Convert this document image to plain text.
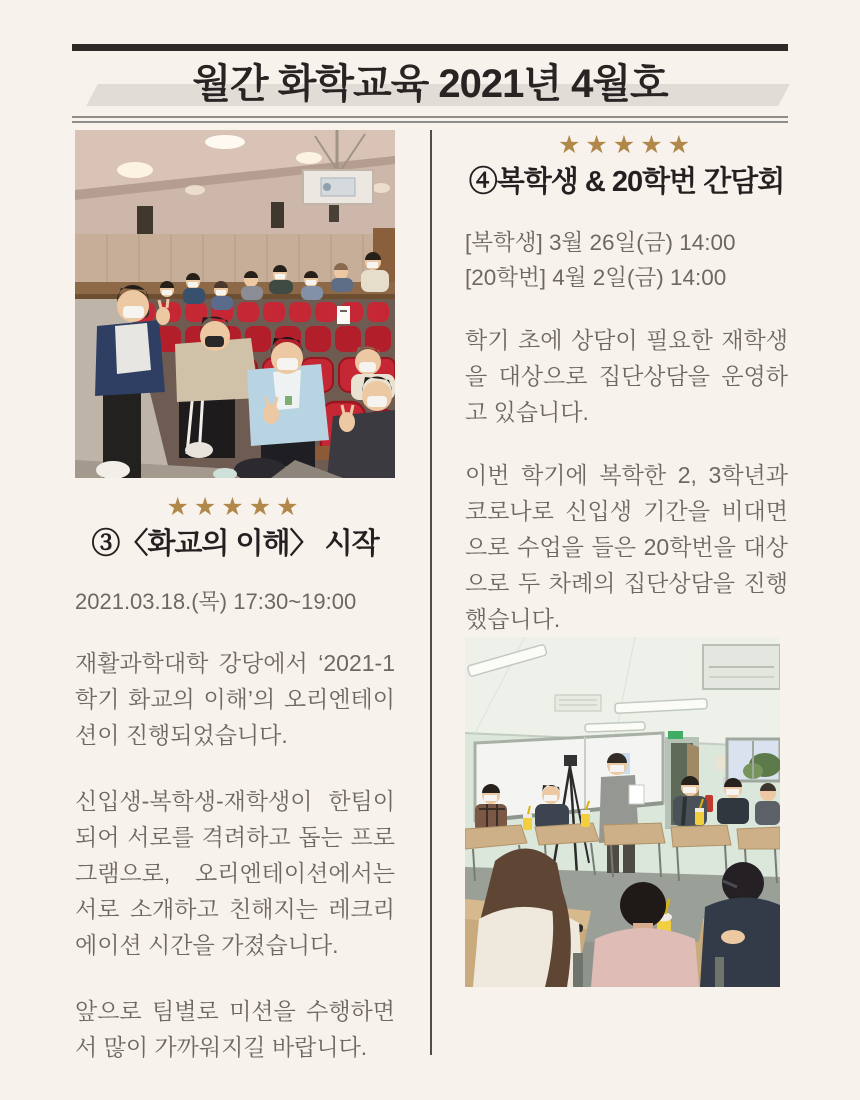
월간 화학교육 2021년 4월호
★★★★★
③〈화교의 이해〉 시작

2021.03.18.(목) 17:30~19:00

재활과학대학 강당에서 ‘2021-1학기 화교의 이해’의 오리엔테이션이 진행되었습니다.

신입생-복학생-재학생이 한팀이 되어 서로를 격려하고 돕는 프로그램으로, 오리엔테이션에서는 서로 소개하고 친해지는 레크리에이션 시간을 가졌습니다.

앞으로 팀별로 미션을 수행하면서 많이 가까워지길 바랍니다.

★★★★★
④복학생 & 20학번 간담회

[복학생] 3월 26일(금) 14:00

[20학번] 4월 2일(금) 14:00

학기 초에 상담이 필요한 재학생을 대상으로 집단상담을 운영하고 있습니다.

이번 학기에 복학한 2, 3학년과 코로나로 신입생 기간을 비대면으로 수업을 들은 20학번을 대상으로 두 차례의 집단상담을 진행했습니다.
